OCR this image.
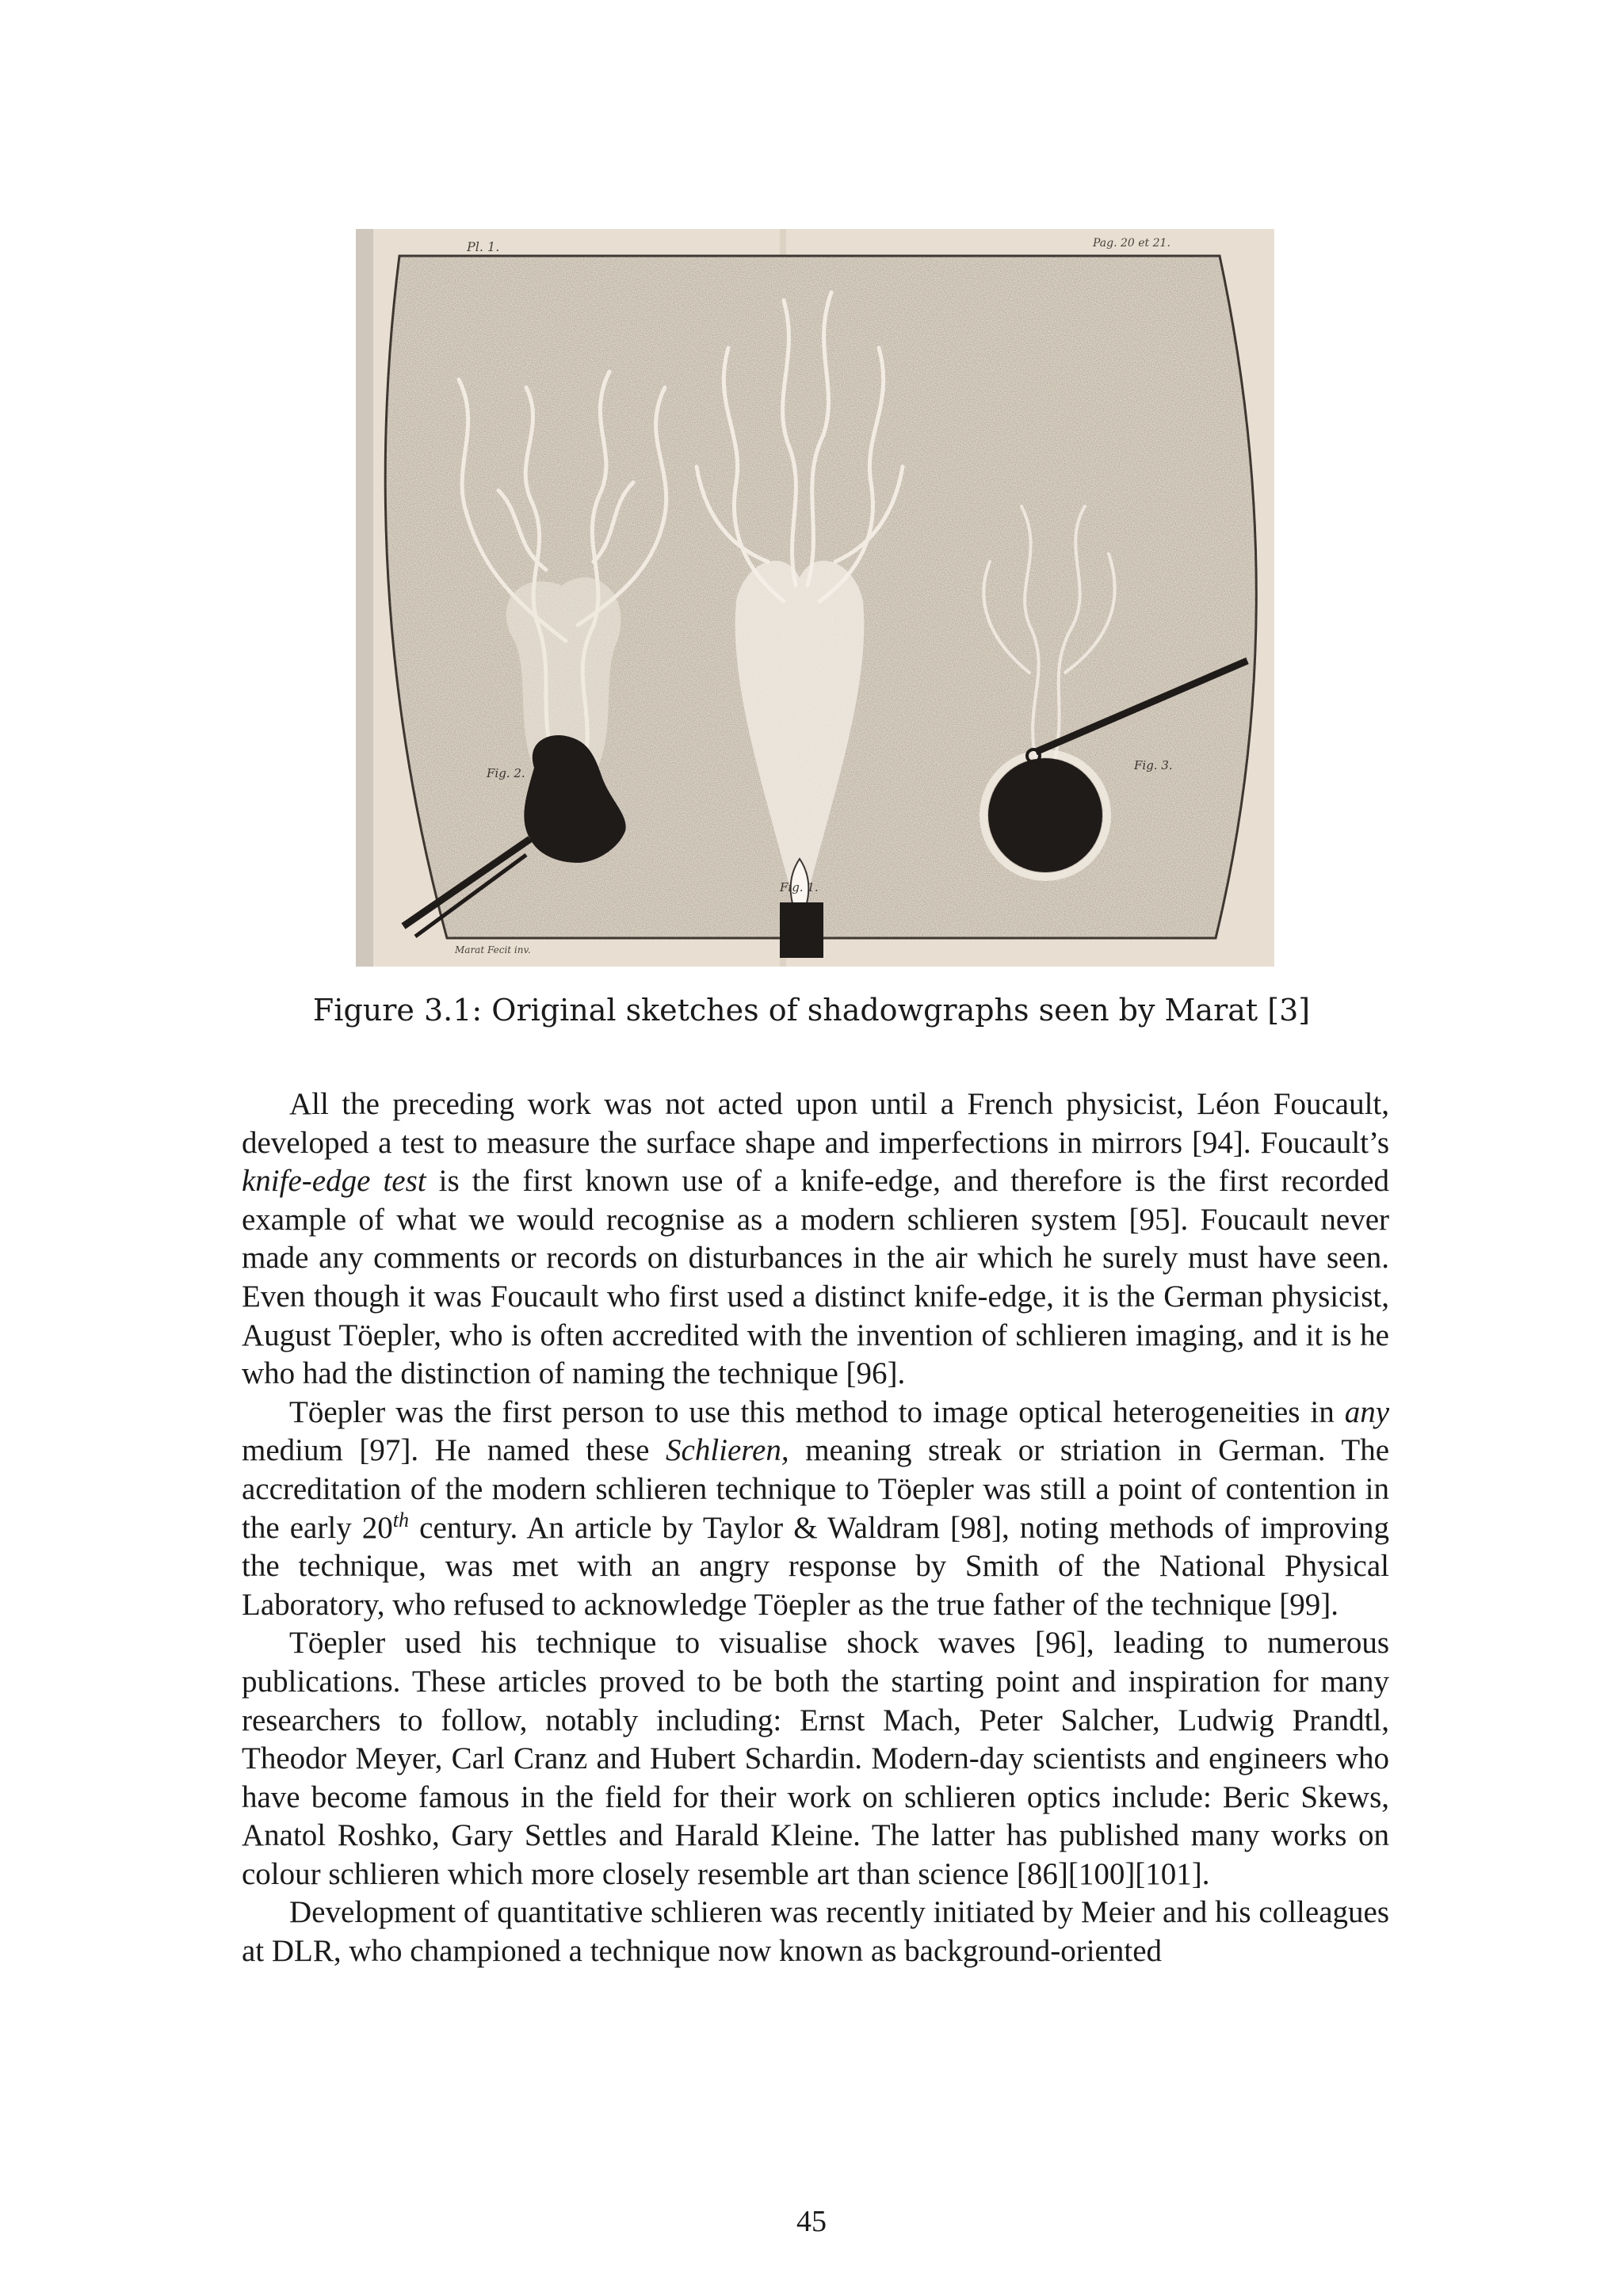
Pl. 1.	Pag. 20 et 21.
Fig. 1.
Fig. 2.
Fig. 3.
Marat Fecit inv.
Figure 3.1: Original sketches of shadowgraphs seen by Marat [3]

All the preceding work was not acted upon until a French physicist, Léon Foucault, developed a test to measure the surface shape and imperfections in mirrors [94]. Foucault’s knife-edge test is the first known use of a knife-edge, and therefore is the first recorded example of what we would recognise as a modern schlieren system [95]. Foucault never made any comments or records on disturbances in the air which he surely must have seen. Even though it was Foucault who first used a distinct knife-edge, it is the German physicist, August Töepler, who is often accredited with the invention of schlieren imaging, and it is he who had the distinction of naming the technique [96].

Töepler was the first person to use this method to image optical heterogeneities in any medium [97]. He named these Schlieren, meaning streak or striation in German. The accreditation of the modern schlieren technique to Töepler was still a point of contention in the early 20th century. An article by Taylor & Waldram [98], noting methods of improving the technique, was met with an angry response by Smith of the National Physical Laboratory, who refused to acknowledge Töepler as the true father of the technique [99].

Töepler used his technique to visualise shock waves [96], leading to numerous publications. These articles proved to be both the starting point and inspiration for many researchers to follow, notably including: Ernst Mach, Peter Salcher, Ludwig Prandtl, Theodor Meyer, Carl Cranz and Hubert Schardin. Modern-day scientists and engineers who have become famous in the field for their work on schlieren optics include: Beric Skews, Anatol Roshko, Gary Settles and Harald Kleine. The latter has published many works on colour schlieren which more closely resemble art than science [86][100][101].

Development of quantitative schlieren was recently initiated by Meier and his colleagues at DLR, who championed a technique now known as background-oriented

45
